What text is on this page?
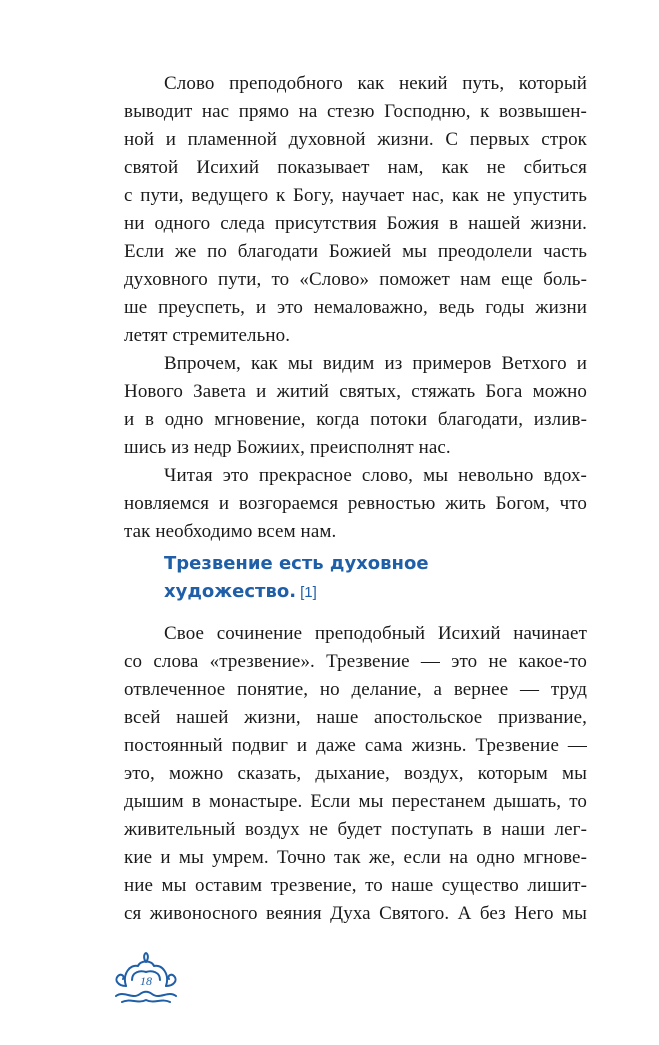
Слово преподобного как некий путь, который
выводит нас прямо на стезю Господню, к возвышен-
ной и пламенной духовной жизни. С первых строк
святой Исихий показывает нам, как не сбиться
с пути, ведущего к Богу, научает нас, как не упустить
ни одного следа присутствия Божия в нашей жизни.
Если же по благодати Божией мы преодолели часть
духовного пути, то «Слово» поможет нам еще боль-
ше преуспеть, и это немаловажно, ведь годы жизни
летят стремительно.
Впрочем, как мы видим из примеров Ветхого и
Нового Завета и житий святых, стяжать Бога можно
и в одно мгновение, когда потоки благодати, излив-
шись из недр Божиих, преисполнят нас.
Читая это прекрасное слово, мы невольно вдох-
новляемся и возгораемся ревностью жить Богом, что
так необходимо всем нам.
Трезвение есть духовное
художество. [1]
Свое сочинение преподобный Исихий начинает
со слова «трезвение». Трезвение — это не какое-то
отвлеченное понятие, но делание, а вернее — труд
всей нашей жизни, наше апостольское призвание,
постоянный подвиг и даже сама жизнь. Трезвение —
это, можно сказать, дыхание, воздух, которым мы
дышим в монастыре. Если мы перестанем дышать, то
живительный воздух не будет поступать в наши лег-
кие и мы умрем. Точно так же, если на одно мгнове-
ние мы оставим трезвение, то наше существо лишит-
ся живоносного веяния Духа Святого. А без Него мы
18
